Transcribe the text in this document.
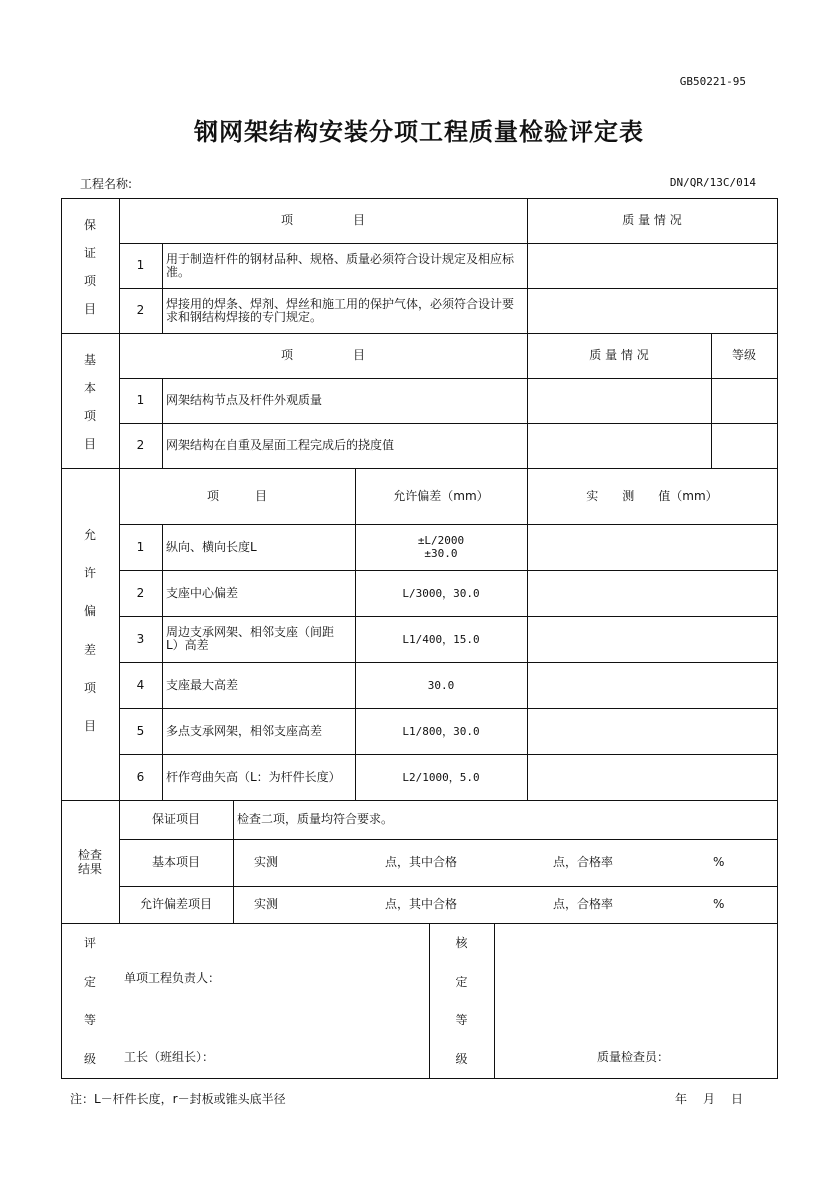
GB50221-95
钢网架结构安装分项工程质量检验评定表
工程名称:	DN/QR/13C/014
保
证
项
目
项　　　　　目	质 量 情 况
1	用于制造杆件的钢材品种、规格、质量必须符合设计规定及相应标准。
2	焊接用的焊条、焊剂、焊丝和施工用的保护气体，必须符合设计要求和钢结构焊接的专门规定。
基
本
项
目
项　　　　　目	质 量 情 况	等级
1	网架结构节点及杆件外观质量
2	网架结构在自重及屋面工程完成后的挠度值
允
许
偏
差
项
目
项　　　目	允许偏差（mm）	实　　测　　值（mm）
1	纵向、横向长度L	±L/2000
±30.0
2	支座中心偏差	L/3000，30.0
3	周边支承网架、相邻支座（间距L）高差	L1/400，15.0
4	支座最大高差	30.0
5	多点支承网架，相邻支座高差	L1/800，30.0
6	杆作弯曲矢高（L：为杆件长度）	L2/1000，5.0
检查
结果
保证项目	检查二项，质量均符合要求。
基本项目	实测	点，其中合格	点，合格率	%
允许偏差项目	实测	点，其中合格	点，合格率	%
评
定
等
级
单项工程负责人：
工长（班组长）：
核
定
等
级	质量检查员：
注：L－杆件长度，r－封板或锥头底半径	年 月 日
